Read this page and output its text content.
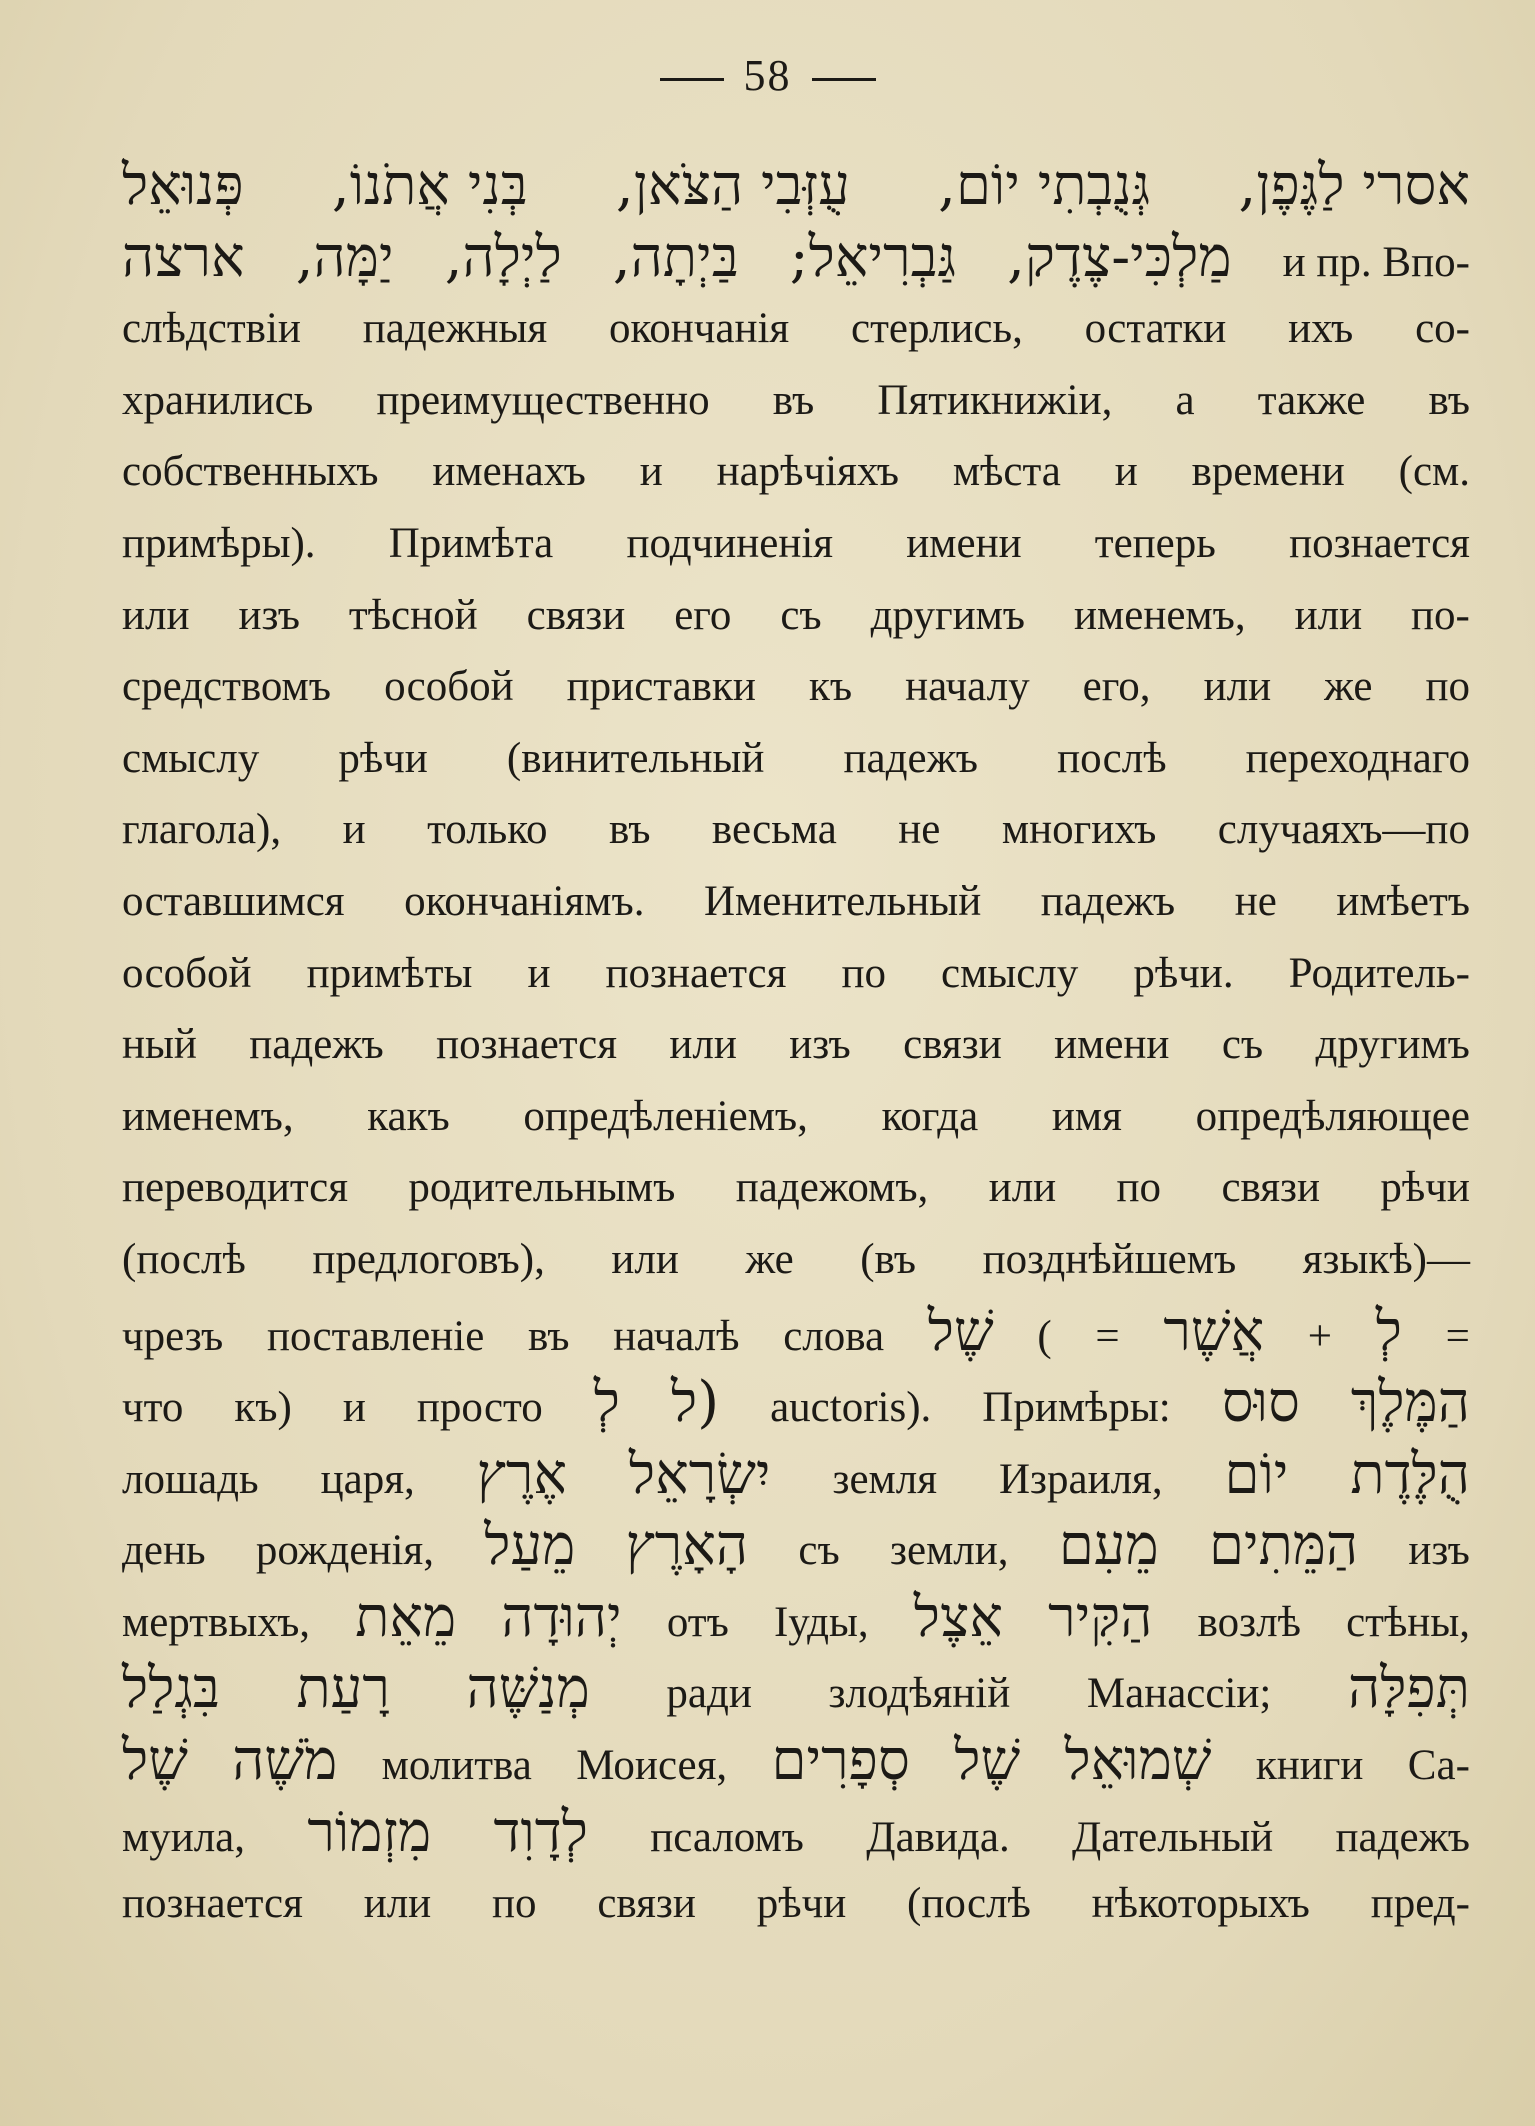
58
אסרי לַגֶּפֶן,
גְּנֻבְתִי יוֹם,
עֻזְּבִי הַצֹּאן,
בְּנִי אֲתֹנוֹ,
פְּנוּאֵל
ארצה יַמָּה, לַיְלָה, בַּיְתָה, גַּבְרִיאֵל; מַלְכִּי-צֶדֶק, и пр. Впо-
слѣдствіи падежныя окончанія стерлись, остатки ихъ со-
хранились преимущественно въ Пятикнижіи, а также въ
собственныхъ именахъ и нарѣчіяхъ мѣста и времени (см.
примѣры). Примѣта подчиненія имени теперь познается
или изъ тѣсной связи его съ другимъ именемъ, или по-
средствомъ особой приставки къ началу его, или же по
смыслу рѣчи (винительный падежъ послѣ переходнаго
глагола), и только въ весьма не многихъ случаяхъ—по
оставшимся окончаніямъ. Именительный падежъ не имѣетъ
особой примѣты и познается по смыслу рѣчи. Родитель-
ный падежъ познается или изъ связи имени съ другимъ
именемъ, какъ опредѣленіемъ, когда имя опредѣляющее
переводится родительнымъ падежомъ, или по связи рѣчи
(послѣ предлоговъ), или же (въ позднѣйшемъ языкѣ)—
чрезъ поставленіе въ началѣ слова שֶׁל ( = אֲשֶׁר + לְ =
что къ) и просто לְ (ל auctoris). Примѣры: סוּס הַמֶּלֶךְ
лошадь царя, אֶרֶץ יִשְׂרָאֵל земля Израиля, יוֹם הֻלֶּדֶת
день рожденія, מֵעַל הָאָרֶץ съ земли, מֵעִם הַמֵּתִים изъ
мертвыхъ, מֵאֵת יְהוּדָה отъ Іуды, אֵצֶל הַקִּיר возлѣ стѣны,
בִּגְלַל רָעַת מְנַשֶּׁה ради злодѣяній Манассіи; תְּפִלָּה
שֶׁל מֹשֶׁה молитва Моисея, סְפָרִים שֶׁל שְׁמוּאֵל книги Са-
муила, מִזְמוֹר לְדָוִד псаломъ Давида. Дательный падежъ
познается или по связи рѣчи (послѣ нѣкоторыхъ пред-
